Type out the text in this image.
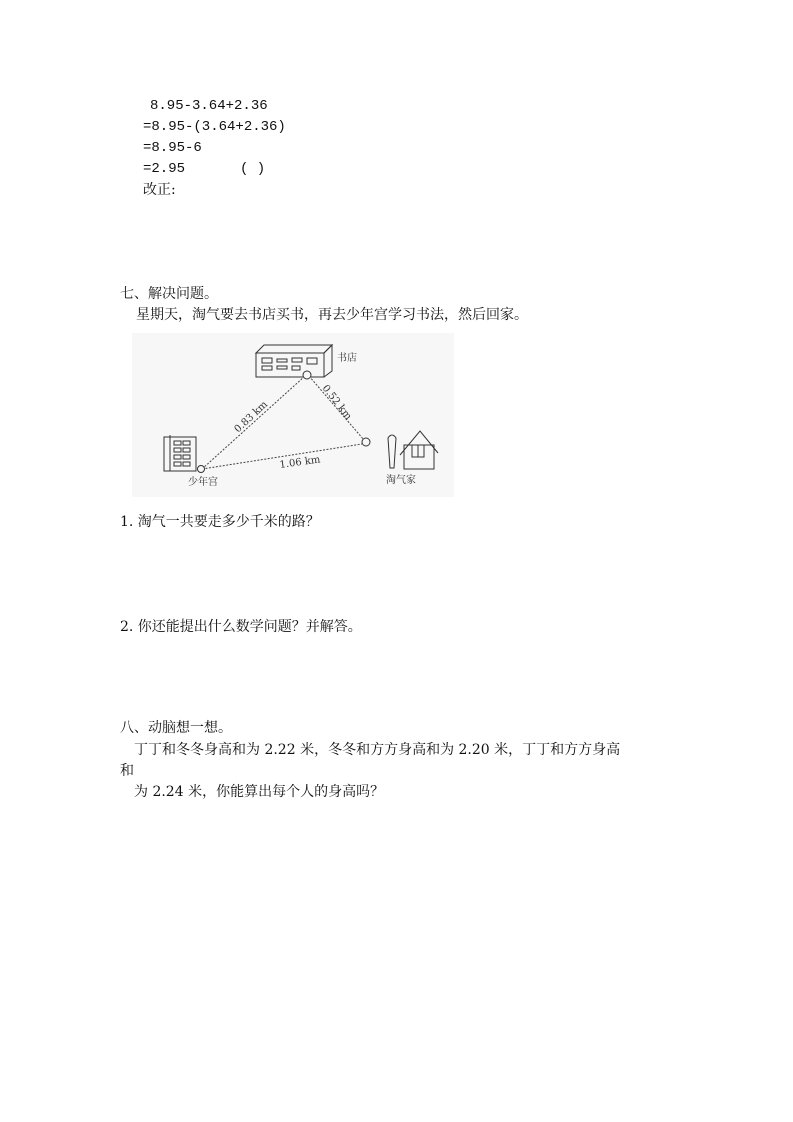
8.95-3.64+2.36
=8.95-(3.64+2.36)
=8.95-6
=2.95	( )
改正:
七、解决问题。
星期天，淘气要去书店买书，再去少年宫学习书法，然后回家。
书店
少年宫	淘气家
0.83 km	0.52 km
1.06 km
1. 淘气一共要走多少千米的路？
2. 你还能提出什么数学问题？并解答。
八、动脑想一想。
丁丁和冬冬身高和为 2.22 米，冬冬和方方身高和为 2.20 米，丁丁和方方身高
和
为 2.24 米，你能算出每个人的身高吗？
